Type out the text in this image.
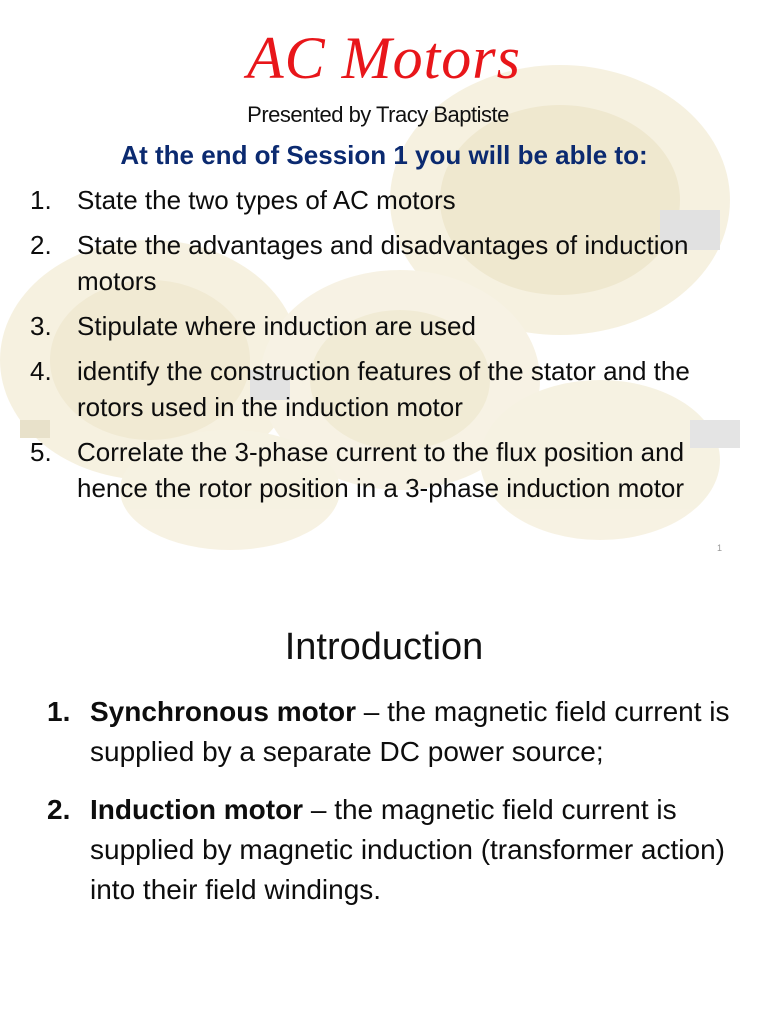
AC Motors
Presented by Tracy Baptiste
At the end of Session 1 you will be able to:
1. State the two types of AC motors
2. State the advantages and disadvantages of induction motors
3. Stipulate where induction are used
4. identify the construction features of the stator and the rotors used in the induction motor
5. Correlate the 3-phase current to the flux position and hence the rotor position in a 3-phase induction motor
1
Introduction
1. Synchronous motor – the magnetic field current is supplied by a separate DC power source;
2. Induction motor – the magnetic field current is supplied by magnetic induction (transformer action) into their field windings.
